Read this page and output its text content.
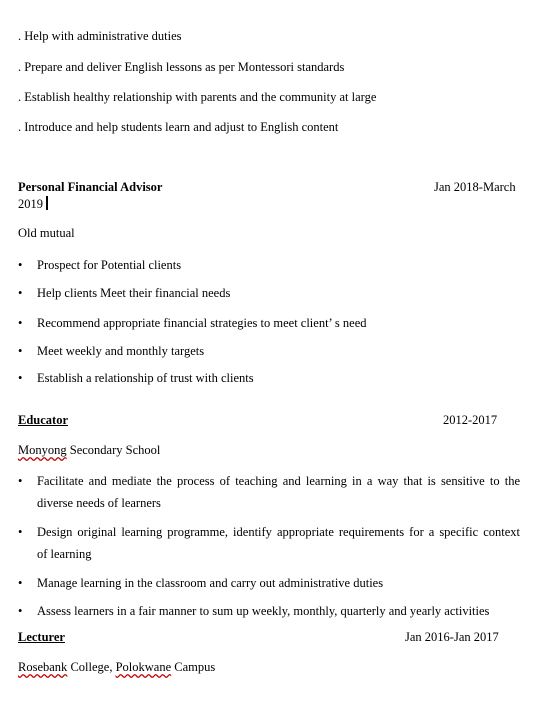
. Help with administrative duties
. Prepare and deliver English lessons as per Montessori standards
. Establish healthy relationship with parents and the community at large
. Introduce and help students learn and adjust to English content
Personal Financial Advisor	Jan 2018-March
2019
Old mutual
• Prospect for Potential clients
• Help clients Meet their financial needs
• Recommend appropriate financial strategies to meet client’ s need
• Meet weekly and monthly targets
• Establish a relationship of trust with clients
Educator	2012-2017
Monyong Secondary School
• Facilitate and mediate the process of teaching and learning in a way that is sensitive to the
diverse needs of learners
• Design original learning programme, identify appropriate requirements for a specific context
of learning
• Manage learning in the classroom and carry out administrative duties
• Assess learners in a fair manner to sum up weekly, monthly, quarterly and yearly activities
Lecturer	Jan 2016-Jan 2017
Rosebank College, Polokwane Campus
